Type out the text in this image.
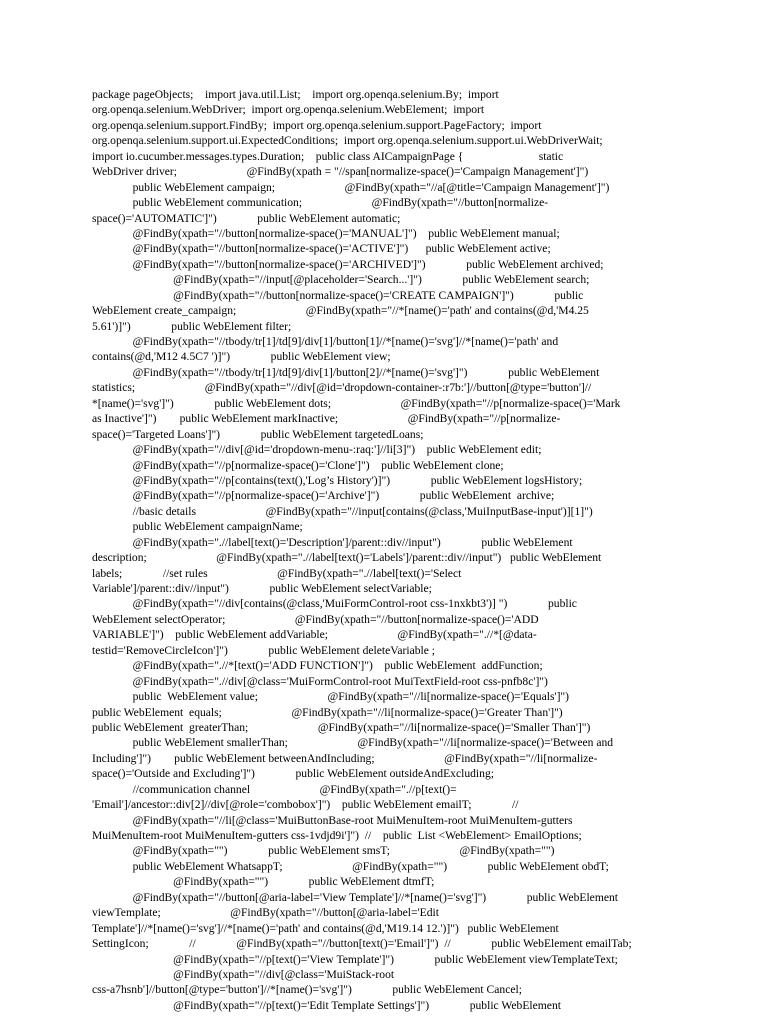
package pageObjects;    import java.util.List;    import org.openqa.selenium.By;  import
org.openqa.selenium.WebDriver;  import org.openqa.selenium.WebElement;  import
org.openqa.selenium.support.FindBy;  import org.openqa.selenium.support.PageFactory;  import
org.openqa.selenium.support.ui.ExpectedConditions;  import org.openqa.selenium.support.ui.WebDriverWait;
import io.cucumber.messages.types.Duration;    public class AICampaignPage {                          static
WebDriver driver;                        @FindBy(xpath = "//span[normalize-space()='Campaign Management']")
public WebElement campaign;                        @FindBy(xpath="//a[@title='Campaign Management']")
public WebElement communication;                        @FindBy(xpath="//button[normalize-
space()='AUTOMATIC']")              public WebElement automatic;
@FindBy(xpath="//button[normalize-space()='MANUAL']")    public WebElement manual;
@FindBy(xpath="//button[normalize-space()='ACTIVE']")      public WebElement active;
@FindBy(xpath="//button[normalize-space()='ARCHIVED']")              public WebElement archived;
@FindBy(xpath="//input[@placeholder='Search...']")              public WebElement search;
@FindBy(xpath="//button[normalize-space()='CREATE CAMPAIGN']")              public
WebElement create_campaign;                        @FindBy(xpath="//*[name()='path' and contains(@d,'M4.25
5.61')]")              public WebElement filter;
@FindBy(xpath="//tbody/tr[1]/td[9]/div[1]/button[1]//*[name()='svg']//*[name()='path' and
contains(@d,'M12 4.5C7 ')]")              public WebElement view;
@FindBy(xpath="//tbody/tr[1]/td[9]/div[1]/button[2]//*[name()='svg']")              public WebElement
statistics;                        @FindBy(xpath="//div[@id='dropdown-container-:r7b:']//button[@type='button']//
*[name()='svg']")              public WebElement dots;                        @FindBy(xpath="//p[normalize-space()='Mark
as Inactive']")        public WebElement markInactive;                        @FindBy(xpath="//p[normalize-
space()='Targeted Loans']")              public WebElement targetedLoans;
@FindBy(xpath="//div[@id='dropdown-menu-:raq:']//li[3]")    public WebElement edit;
@FindBy(xpath="//p[normalize-space()='Clone']")    public WebElement clone;
@FindBy(xpath="//p[contains(text(),'Log’s History')]")              public WebElement logsHistory;
@FindBy(xpath="//p[normalize-space()='Archive']")              public WebElement  archive;
//basic details                        @FindBy(xpath="//input[contains(@class,'MuiInputBase-input')][1]")
public WebElement campaignName;
@FindBy(xpath=".//label[text()='Description']/parent::div//input")              public WebElement
description;                        @FindBy(xpath=".//label[text()='Labels']/parent::div//input")   public WebElement
labels;              //set rules                        @FindBy(xpath=".//label[text()='Select
Variable']/parent::div//input")              public WebElement selectVariable;
@FindBy(xpath="//div[contains(@class,'MuiFormControl-root css-1nxkbt3')] ")              public
WebElement selectOperator;                        @FindBy(xpath="//button[normalize-space()='ADD
VARIABLE']")    public WebElement addVariable;                        @FindBy(xpath=".//*[@data-
testid='RemoveCircleIcon']")              public WebElement deleteVariable ;
@FindBy(xpath=".//*[text()='ADD FUNCTION']")    public WebElement  addFunction;
@FindBy(xpath=".//div[@class='MuiFormControl-root MuiTextField-root css-pnfb8c']")
public  WebElement value;                        @FindBy(xpath="//li[normalize-space()='Equals']")
public WebElement  equals;                        @FindBy(xpath="//li[normalize-space()='Greater Than']")
public WebElement  greaterThan;                        @FindBy(xpath="//li[normalize-space()='Smaller Than']")
public WebElement smallerThan;                        @FindBy(xpath="//li[normalize-space()='Between and
Including']")        public WebElement betweenAndIncluding;                        @FindBy(xpath="//li[normalize-
space()='Outside and Excluding']")              public WebElement outsideAndExcluding;
//communication channel                        @FindBy(xpath=".//p[text()=
'Email']/ancestor::div[2]//div[@role='combobox']")    public WebElement emailT;              //
@FindBy(xpath="//li[@class='MuiButtonBase-root MuiMenuItem-root MuiMenuItem-gutters
MuiMenuItem-root MuiMenuItem-gutters css-1vdjd9i']")  //    public  List <WebElement> EmailOptions;
@FindBy(xpath="")              public WebElement smsT;                        @FindBy(xpath="")
public WebElement WhatsappT;                        @FindBy(xpath="")              public WebElement obdT;
@FindBy(xpath="")              public WebElement dtmfT;
@FindBy(xpath="//button[@aria-label='View Template']//*[name()='svg']")              public WebElement
viewTemplate;                        @FindBy(xpath="//button[@aria-label='Edit
Template']//*[name()='svg']//*[name()='path' and contains(@d,'M19.14 12.')]")   public WebElement
SettingIcon;              //              @FindBy(xpath="//button[text()='Email']")  //              public WebElement emailTab;
@FindBy(xpath="//p[text()='View Template']")              public WebElement viewTemplateText;
@FindBy(xpath="//div[@class='MuiStack-root
css-a7hsnb']//button[@type='button']//*[name()='svg']")              public WebElement Cancel;
@FindBy(xpath="//p[text()='Edit Template Settings']")              public WebElement
